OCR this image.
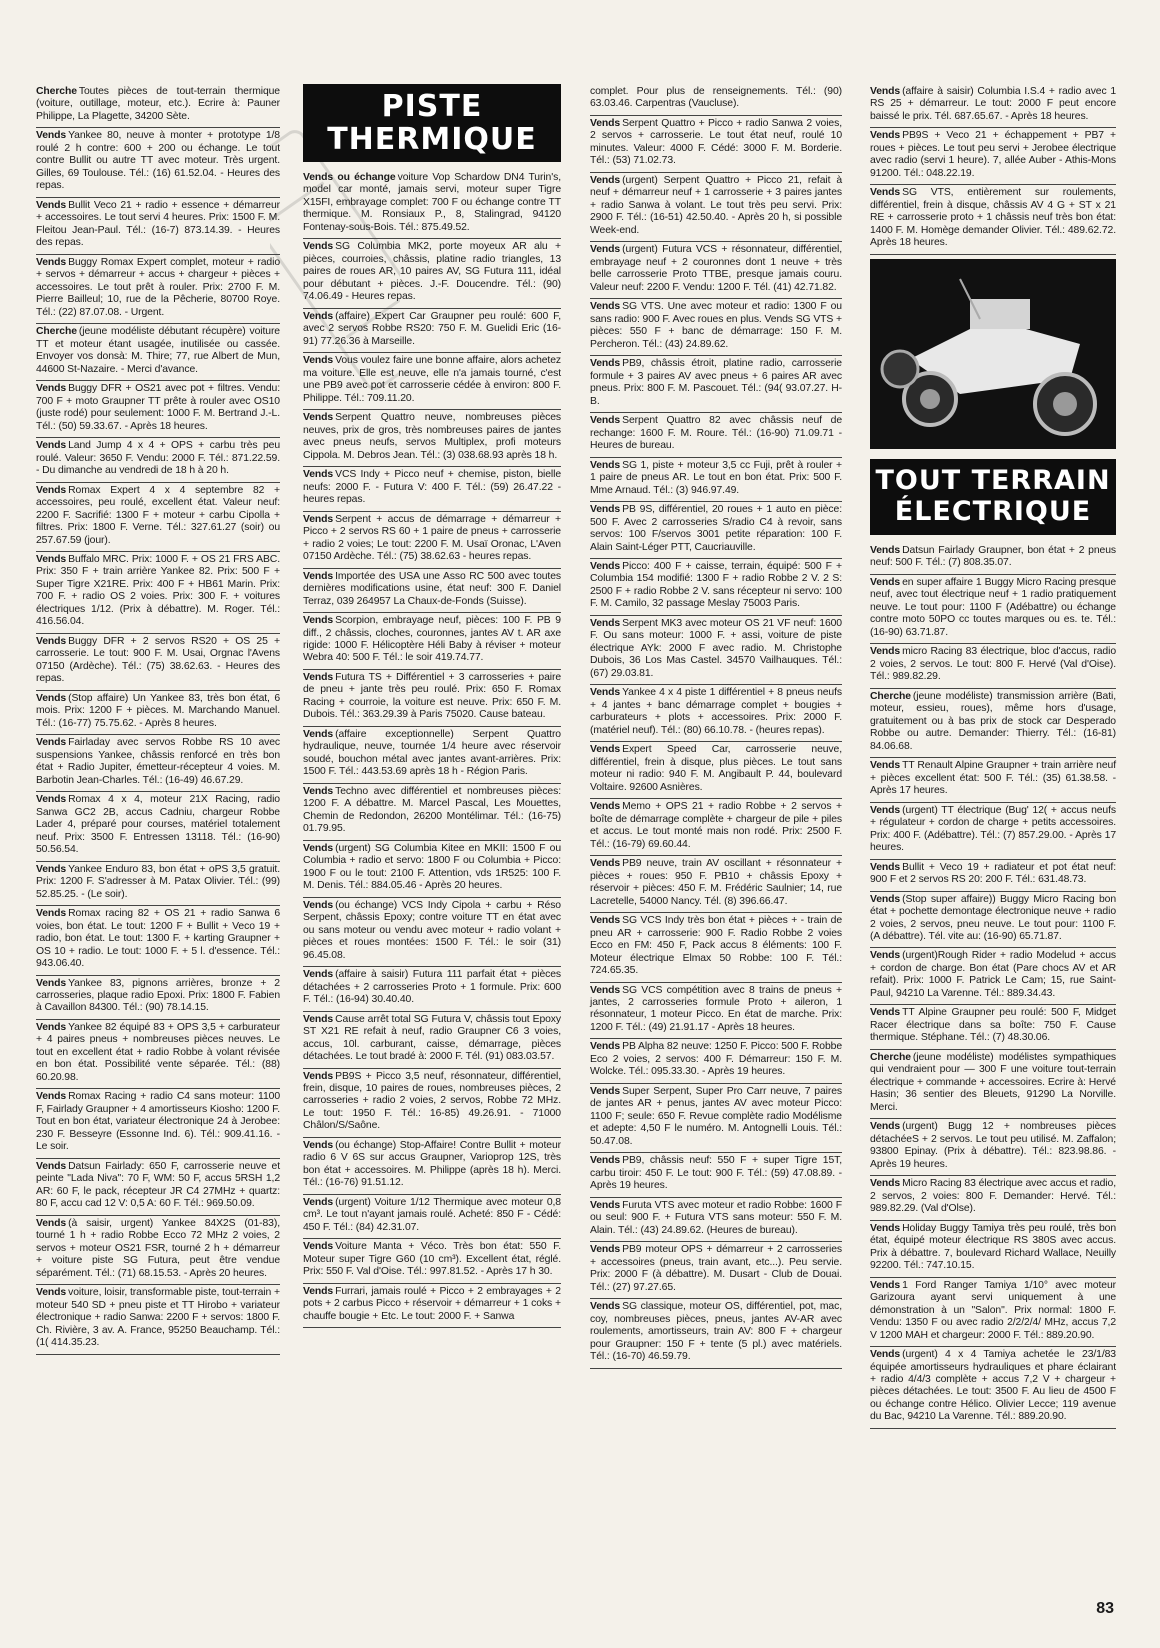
Cherche Toutes pièces de tout-terrain thermique (voiture, outillage, moteur, etc.). Ecrire à: Pauner Philippe, La Plagette, 34200 Sète.

Vends Yankee 80, neuve à monter + prototype 1/8 roulé 2 h contre: 600 + 200 ou échange. Le tout contre Bullit ou autre TT avec moteur. Très urgent. Gilles, 69 Toulouse. Tél.: (16) 61.52.04. - Heures des repas.

Vends Bullit Veco 21 + radio + essence + démarreur + accessoires. Le tout servi 4 heures. Prix: 1500 F. M. Fleitou Jean-Paul. Tél.: (16-7) 873.14.39. - Heures des repas.

Vends Buggy Romax Expert complet, moteur + radio + servos + démarreur + accus + chargeur + pièces + accessoires. Le tout prêt à rouler. Prix: 2700 F. M. Pierre Bailleul; 10, rue de la Pêcherie, 80700 Roye. Tél.: (22) 87.07.08. - Urgent.

Cherche (jeune modéliste débutant récupère) voiture TT et moteur étant usagée, inutilisée ou cassée. Envoyer vos donsà: M. Thire; 77, rue Albert de Mun, 44600 St-Nazaire. - Merci d'avance.

Vends Buggy DFR + OS21 avec pot + filtres. Vendu: 700 F + moto Graupner TT prête à rouler avec OS10 (juste rodé) pour seulement: 1000 F. M. Bertrand J.-L. Tél.: (50) 59.33.67. - Après 18 heures.

Vends Land Jump 4 x 4 + OPS + carbu très peu roulé. Valeur: 3650 F. Vendu: 2000 F. Tél.: 871.22.59. - Du dimanche au vendredi de 18 h à 20 h.

Vends Romax Expert 4 x 4 septembre 82 + accessoires, peu roulé, excellent état. Valeur neuf: 2200 F. Sacrifié: 1300 F + moteur + carbu Cipolla + filtres. Prix: 1800 F. Verne. Tél.: 327.61.27 (soir) ou 257.67.59 (jour).

Vends Buffalo MRC. Prix: 1000 F. + OS 21 FRS ABC. Prix: 350 F + train arrière Yankee 82. Prix: 500 F + Super Tigre X21RE. Prix: 400 F + HB61 Marin. Prix: 700 F. + radio OS 2 voies. Prix: 300 F. + voitures électriques 1/12. (Prix à débattre). M. Roger. Tél.: 416.56.04.

Vends Buggy DFR + 2 servos RS20 + OS 25 + carrosserie. Le tout: 900 F. M. Usai, Orgnac l'Avens 07150 (Ardèche). Tél.: (75) 38.62.63. - Heures des repas.

Vends (Stop affaire) Un Yankee 83, très bon état, 6 mois. Prix: 1200 F + pièces. M. Marchando Manuel. Tél.: (16-77) 75.75.62. - Après 8 heures.

Vends Fairladay avec servos Robbe RS 10 avec suspensions Yankee, châssis renforcé en très bon état + Radio Jupiter, émetteur-récepteur 4 voies. M. Barbotin Jean-Charles. Tél.: (16-49) 46.67.29.

Vends Romax 4 x 4, moteur 21X Racing, radio Sanwa GC2 2B, accus Cadniu, chargeur Robbe Lader 4, préparé pour courses, matériel totalement neuf. Prix: 3500 F. Entressen 13118. Tél.: (16-90) 50.56.54.

Vends Yankee Enduro 83, bon état + oPS 3,5 gratuit. Prix: 1200 F. S'adresser à M. Patax Olivier. Tél.: (99) 52.85.25. - (Le soir).

Vends Romax racing 82 + OS 21 + radio Sanwa 6 voies, bon état. Le tout: 1200 F + Bullit + Veco 19 + radio, bon état. Le tout: 1300 F. + karting Graupner + OS 10 + radio. Le tout: 1000 F. + 5 l. d'essence. Tél.: 943.06.40.

Vends Yankee 83, pignons arrières, bronze + 2 carrosseries, plaque radio Epoxi. Prix: 1800 F. Fabien à Cavaillon 84300. Tél.: (90) 78.14.15.

Vends Yankee 82 équipé 83 + OPS 3,5 + carburateur + 4 paires pneus + nombreuses pièces neuves. Le tout en excellent état + radio Robbe à volant révisée en bon état. Possibilité vente séparée. Tél.: (88) 60.20.98.

Vends Romax Racing + radio C4 sans moteur: 1100 F, Fairlady Graupner + 4 amortisseurs Kiosho: 1200 F. Tout en bon état, variateur électronique 24 à Jerobee: 230 F. Besseyre (Essonne Ind. 6). Tél.: 909.41.16. - Le soir.

Vends Datsun Fairlady: 650 F, carrosserie neuve et peinte "Lada Niva": 70 F, WM: 50 F, accus 5RSH 1,2 AR: 60 F, le pack, récepteur JR C4 27MHz + quartz: 80 F, accu cad 12 V: 0,5 A: 60 F. Tél.: 969.50.09.

Vends (à saisir, urgent) Yankee 84X2S (01-83), tourné 1 h + radio Robbe Ecco 72 MHz 2 voies, 2 servos + moteur OS21 FSR, tourné 2 h + démarreur + voiture piste SG Futura, peut être vendue séparément. Tél.: (71) 68.15.53. - Après 20 heures.

Vends voiture, loisir, transformable piste, tout-terrain + moteur 540 SD + pneu piste et TT Hirobo + variateur électronique + radio Sanwa: 2200 F + servos: 1800 F. Ch. Rivière, 3 av. A. France, 95250 Beauchamp. Tél.: (1( 414.35.23.

PISTE THERMIQUE

Vends ou échange voiture Vop Schardow DN4 Turin's, model car monté, jamais servi, moteur super Tigre X15FI, embrayage complet: 700 F ou échange contre TT thermique. M. Ronsiaux P., 8, Stalingrad, 94120 Fontenay-sous-Bois. Tél.: 875.49.52.

Vends SG Columbia MK2, porte moyeux AR alu + pièces, courroies, châssis, platine radio triangles, 13 paires de roues AR, 10 paires AV, SG Futura 111, idéal pour débutant + pièces. J.-F. Doucendre. Tél.: (90) 74.06.49 - Heures repas.

Vends (affaire) Expert Car Graupner peu roulé: 600 F, avec 2 servos Robbe RS20: 750 F. M. Guelidi Eric (16-91) 77.26.36 à Marseille.

Vends Vous voulez faire une bonne affaire, alors achetez ma voiture. Elle est neuve, elle n'a jamais tourné, c'est une PB9 avec pot et carrosserie cédée à environ: 800 F. Philippe. Tél.: 709.11.20.

Vends Serpent Quattro neuve, nombreuses pièces neuves, prix de gros, très nombreuses paires de jantes avec pneus neufs, servos Multiplex, profi moteurs Cippola. M. Debros Jean. Tél.: (3) 038.68.93 après 18 h.

Vends VCS Indy + Picco neuf + chemise, piston, bielle neufs: 2000 F. - Futura V: 400 F. Tél.: (59) 26.47.22 - heures repas.

Vends Serpent + accus de démarrage + démarreur + Picco + 2 servos RS 60 + 1 paire de pneus + carrosserie + radio 2 voies; Le tout: 2200 F. M. Usaï Oronac, L'Aven 07150 Ardèche. Tél.: (75) 38.62.63 - heures repas.

Vends Importée des USA une Asso RC 500 avec toutes dernières modifications usine, état neuf: 300 F. Daniel Terraz, 039 264957 La Chaux-de-Fonds (Suisse).

Vends Scorpion, embrayage neuf, pièces: 100 F. PB 9 diff., 2 châssis, cloches, couronnes, jantes AV t. AR axe rigide: 1000 F. Hélicoptère Héli Baby à réviser + moteur Webra 40: 500 F. Tél.: le soir 419.74.77.

Vends Futura TS + Différentiel + 3 carrosseries + paire de pneu + jante très peu roulé. Prix: 650 F. Romax Racing + courroie, la voiture est neuve. Prix: 650 F. M. Dubois. Tél.: 363.29.39 à Paris 75020. Cause bateau.

Vends (affaire exceptionnelle) Serpent Quattro hydraulique, neuve, tournée 1/4 heure avec réservoir soudé, bouchon métal avec jantes avant-arrières. Prix: 1500 F. Tél.: 443.53.69 après 18 h - Région Paris.

Vends Techno avec différentiel et nombreuses pièces: 1200 F. A débattre. M. Marcel Pascal, Les Mouettes, Chemin de Redondon, 26200 Montélimar. Tél.: (16-75) 01.79.95.

Vends (urgent) SG Columbia Kitee en MKII: 1500 F ou Columbia + radio et servo: 1800 F ou Columbia + Picco: 1900 F ou le tout: 2100 F. Attention, vds 1R525: 100 F. M. Denis. Tél.: 884.05.46 - Après 20 heures.

Vends (ou échange) VCS Indy Cipola + carbu + Réso Serpent, châssis Epoxy; contre voiture TT en état avec ou sans moteur ou vendu avec moteur + radio volant + pièces et roues montées: 1500 F. Tél.: le soir (31) 96.45.08.

Vends (affaire à saisir) Futura 111 parfait état + pièces détachées + 2 carrosseries Proto + 1 formule. Prix: 600 F. Tél.: (16-94) 30.40.40.

Vends Cause arrêt total SG Futura V, châssis tout Epoxy ST X21 RE refait à neuf, radio Graupner C6 3 voies, accus, 10l. carburant, caisse, démarrage, pièces détachées. Le tout bradé à: 2000 F. Tél. (91) 083.03.57.

Vends PB9S + Picco 3,5 neuf, résonnateur, différentiel, frein, disque, 10 paires de roues, nombreuses pièces, 2 carrosseries + radio 2 voies, 2 servos, Robbe 72 MHz. Le tout: 1950 F. Tél.: 16-85) 49.26.91. - 71000 Châlon/S/Saône.

Vends (ou échange) Stop-Affaire! Contre Bullit + moteur radio 6 V 6S sur accus Graupner, Varioprop 12S, très bon état + accessoires. M. Philippe (après 18 h). Merci. Tél.: (16-76) 91.51.12.

Vends (urgent) Voiture 1/12 Thermique avec moteur 0,8 cm³. Le tout n'ayant jamais roulé. Acheté: 850 F - Cédé: 450 F. Tél.: (84) 42.31.07.

Vends Voiture Manta + Véco. Très bon état: 550 F. Moteur super Tigre G60 (10 cm³). Excellent état, réglé. Prix: 550 F. Val d'Oise. Tél.: 997.81.52. - Après 17 h 30.

Vends Furrari, jamais roulé + Picco + 2 embrayages + 2 pots + 2 carbus Picco + réservoir + démarreur + 1 coks + chauffe bougie + Etc. Le tout: 2000 F. + Sanwa

complet. Pour plus de renseignements. Tél.: (90) 63.03.46. Carpentras (Vaucluse).

Vends Serpent Quattro + Picco + radio Sanwa 2 voies, 2 servos + carrosserie. Le tout état neuf, roulé 10 minutes. Valeur: 4000 F. Cédé: 3000 F. M. Borderie. Tél.: (53) 71.02.73.

Vends (urgent) Serpent Quattro + Picco 21, refait à neuf + démarreur neuf + 1 carrosserie + 3 paires jantes + radio Sanwa à volant. Le tout très peu servi. Prix: 2900 F. Tél.: (16-51) 42.50.40. - Après 20 h, si possible Week-end.

Vends (urgent) Futura VCS + résonnateur, différentiel, embrayage neuf + 2 couronnes dont 1 neuve + très belle carrosserie Proto TTBE, presque jamais couru. Valeur neuf: 2200 F. Vendu: 1200 F. Tél. (41) 42.71.82.

Vends SG VTS. Une avec moteur et radio: 1300 F ou sans radio: 900 F. Avec roues en plus. Vends SG VTS + pièces: 550 F + banc de démarrage: 150 F. M. Percheron. Tél.: (43) 24.89.62.

Vends PB9, châssis étroit, platine radio, carrosserie formule + 3 paires AV avec pneus + 6 paires AR avec pneus. Prix: 800 F. M. Pascouet. Tél.: (94( 93.07.27. H-B.

Vends Serpent Quattro 82 avec châssis neuf de rechange: 1600 F. M. Roure. Tél.: (16-90) 71.09.71 - Heures de bureau.

Vends SG 1, piste + moteur 3,5 cc Fuji, prêt à rouler + 1 paire de pneus AR. Le tout en bon état. Prix: 500 F. Mme Arnaud. Tél.: (3) 946.97.49.

Vends PB 9S, différentiel, 20 roues + 1 auto en pièce: 500 F. Avec 2 carrosseries S/radio C4 à revoir, sans servos: 100 F/servos 3001 petite réparation: 100 F. Alain Saint-Léger PTT, Caucriauville.

Vends Picco: 400 F + caisse, terrain, équipé: 500 F + Columbia 154 modifié: 1300 F + radio Robbe 2 V. 2 S: 2500 F + radio Robbe 2 V. sans récepteur ni servo: 100 F. M. Camilo, 32 passage Meslay 75003 Paris.

Vends Serpent MK3 avec moteur OS 21 VF neuf: 1600 F. Ou sans moteur: 1000 F. + assi, voiture de piste électrique AYk: 2000 F avec radio. M. Christophe Dubois, 36 Los Mas Castel. 34570 Vailhauques. Tél.: (67) 29.03.81.

Vends Yankee 4 x 4 piste 1 différentiel + 8 pneus neufs + 4 jantes + banc démarrage complet + bougies + carburateurs + plots + accessoires. Prix: 2000 F. (matériel neuf). Tél.: (80) 66.10.78. - (heures repas).

Vends Expert Speed Car, carrosserie neuve, différentiel, frein à disque, plus pièces. Le tout sans moteur ni radio: 940 F. M. Angibault P. 44, boulevard Voltaire. 92600 Asnières.

Vends Memo + OPS 21 + radio Robbe + 2 servos + boîte de démarrage complète + chargeur de pile + piles et accus. Le tout monté mais non rodé. Prix: 2500 F. Tél.: (16-79) 69.60.44.

Vends PB9 neuve, train AV oscillant + résonnateur + pièces + roues: 950 F. PB10 + châssis Epoxy + réservoir + pièces: 450 F. M. Frédéric Saulnier; 14, rue Lacretelle, 54000 Nancy. Tél. (8) 396.66.47.

Vends SG VCS Indy très bon état + pièces + - train de pneu AR + carrosserie: 900 F. Radio Robbe 2 voies Ecco en FM: 450 F, Pack accus 8 éléments: 100 F. Moteur électrique Elmax 50 Robbe: 100 F. Tél.: 724.65.35.

Vends SG VCS compétition avec 8 trains de pneus + jantes, 2 carrosseries formule Proto + aileron, 1 résonnateur, 1 moteur Picco. En état de marche. Prix: 1200 F. Tél.: (49) 21.91.17 - Après 18 heures.

Vends PB Alpha 82 neuve: 1250 F. Picco: 500 F. Robbe Eco 2 voies, 2 servos: 400 F. Démarreur: 150 F. M. Wolcke. Tél.: 095.33.30. - Après 19 heures.

Vends Super Serpent, Super Pro Carr neuve, 7 paires de jantes AR + penus, jantes AV avec moteur Picco: 1100 F; seule: 650 F. Revue complète radio Modélisme et adepte: 4,50 F le numéro. M. Antognelli Louis. Tél.: 50.47.08.

Vends PB9, châssis neuf: 550 F + super Tigre 15T, carbu tiroir: 450 F. Le tout: 900 F. Tél.: (59) 47.08.89. - Après 19 heures.

Vends Furuta VTS avec moteur et radio Robbe: 1600 F ou seul: 900 F. + Futura VTS sans moteur: 550 F. M. Alain. Tél.: (43) 24.89.62. (Heures de bureau).

Vends PB9 moteur OPS + démarreur + 2 carrosseries + accessoires (pneus, train avant, etc...). Peu servie. Prix: 2000 F (à débattre). M. Dusart - Club de Douai. Tél.: (27) 97.27.65.

Vends SG classique, moteur OS, différentiel, pot, mac, coy, nombreuses pièces, pneus, jantes AV-AR avec roulements, amortisseurs, train AV: 800 F + chargeur pour Graupner: 150 F + tente (5 pl.) avec matériels. Tél.: (16-70) 46.59.79.

Vends (affaire à saisir) Columbia I.S.4 + radio avec 1 RS 25 + démarreur. Le tout: 2000 F peut encore baissé le prix. Tél. 687.65.67. - Après 18 heures.

Vends PB9S + Veco 21 + échappement + PB7 + roues + pièces. Le tout peu servi + Jerobee électrique avec radio (servi 1 heure). 7, allée Auber - Athis-Mons 91200. Tél.: 048.22.19.

Vends SG VTS, entièrement sur roulements, différentiel, frein à disque, châssis AV 4 G + ST x 21 RE + carrosserie proto + 1 châssis neuf très bon état: 1400 F. M. Homège demander Olivier. Tél.: 489.62.72. Après 18 heures.

TOUT TERRAIN ÉLECTRIQUE

Vends Datsun Fairlady Graupner, bon état + 2 pneus neuf: 500 F. Tél.: (7) 808.35.07.

Vends en super affaire 1 Buggy Micro Racing presque neuf, avec tout électrique neuf + 1 radio pratiquement neuve. Le tout pour: 1100 F (Adébattre) ou échange contre moto 50PO cc toutes marques ou es. te. Tél.: (16-90) 63.71.87.

Vends micro Racing 83 électrique, bloc d'accus, radio 2 voies, 2 servos. Le tout: 800 F. Hervé (Val d'Oise). Tél.: 989.82.29.

Cherche (jeune modéliste) transmission arrière (Bati, moteur, essieu, roues), même hors d'usage, gratuitement ou à bas prix de stock car Desperado Robbe ou autre. Demander: Thierry. Tél.: (16-81) 84.06.68.

Vends TT Renault Alpine Graupner + train arrière neuf + pièces excellent état: 500 F. Tél.: (35) 61.38.58. - Après 17 heures.

Vends (urgent) TT électrique (Bug' 12( + accus neufs + régulateur + cordon de charge + petits accessoires. Prix: 400 F. (Adébattre). Tél.: (7) 857.29.00. - Après 17 heures.

Vends Bullit + Veco 19 + radiateur et pot état neuf: 900 F et 2 servos RS 20: 200 F. Tél.: 631.48.73.

Vends (Stop super affaire)) Buggy Micro Racing bon état + pochette demontage électronique neuve + radio 2 voies, 2 servos, pneu neuve. Le tout pour: 1100 F. (A débattre). Tél. vite au: (16-90) 65.71.87.

Vends (urgent)Rough Rider + radio Modelud + accus + cordon de charge. Bon état (Pare chocs AV et AR refait). Prix: 1000 F. Patrick Le Cam; 15, rue Saint-Paul, 94210 La Varenne. Tél.: 889.34.43.

Vends TT Alpine Graupner peu roulé: 500 F, Midget Racer électrique dans sa boîte: 750 F. Cause thermique. Stéphane. Tél.: (7) 48.30.06.

Cherche (jeune modéliste) modélistes sympathiques qui vendraient pour — 300 F une voiture tout-terrain électrique + commande + accessoires. Ecrire à: Hervé Hasin; 36 sentier des Bleuets, 91290 La Norville. Merci.

Vends (urgent) Bugg 12 + nombreuses pièces détachéeS + 2 servos. Le tout peu utilisé. M. Zaffalon; 93800 Epinay. (Prix à débattre). Tél.: 823.98.86. - Après 19 heures.

Vends Micro Racing 83 électrique avec accus et radio, 2 servos, 2 voies: 800 F. Demander: Hervé. Tél.: 989.82.29. (Val d'Olse).

Vends Holiday Buggy Tamiya très peu roulé, très bon état, équipé moteur électrique RS 380S avec accus. Prix à débattre. 7, boulevard Richard Wallace, Neuilly 92200. Tél.: 747.10.15.

Vends 1 Ford Ranger Tamiya 1/10° avec moteur Garizoura ayant servi uniquement à une démonstration à un "Salon". Prix normal: 1800 F. Vendu: 1350 F ou avec radio 2/2/2/4/ MHz, accus 7,2 V 1200 MAH et chargeur: 2000 F. Tél.: 889.20.90.

Vends (urgent) 4 x 4 Tamiya achetée le 23/1/83 équipée amortisseurs hydrauliques et phare éclairant + radio 4/4/3 complète + accus 7,2 V + chargeur + pièces détachées. Le tout: 3500 F. Au lieu de 4500 F ou échange contre Hélico. Olivier Lecce; 119 avenue du Bac, 94210 La Varenne. Tél.: 889.20.90.

83
